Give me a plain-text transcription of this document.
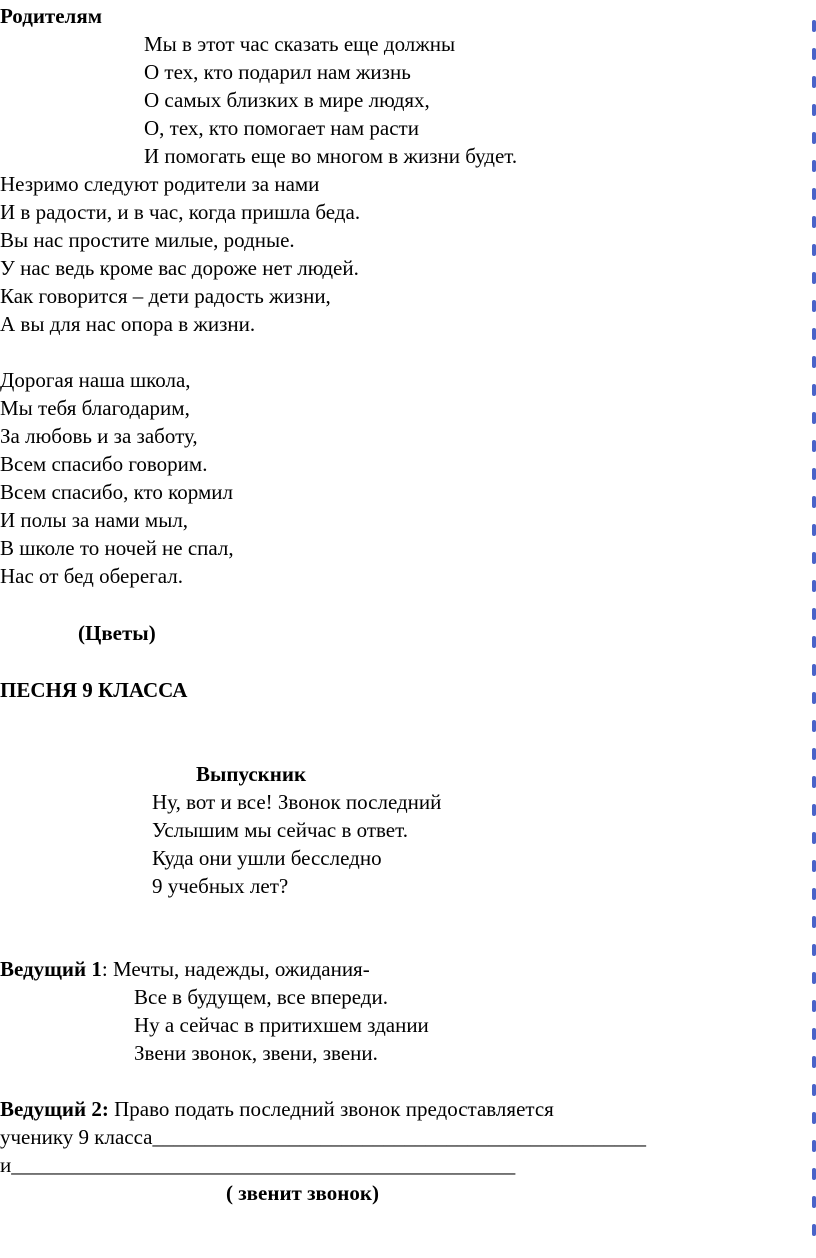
Родителям
Мы в этот час сказать еще должны
О тех, кто подарил нам жизнь
О самых близких в мире людях,
О, тех, кто помогает нам расти
И помогать еще во многом в жизни будет.
Незримо следуют родители за нами
И в радости, и в час, когда пришла беда.
Вы нас простите милые, родные.
У нас ведь кроме вас дороже нет людей.
Как говорится – дети радость жизни,
А вы для нас опора в жизни.
Дорогая наша школа,
Мы тебя благодарим,
За любовь и за заботу,
Всем спасибо говорим.
Всем спасибо, кто кормил
И полы за нами мыл,
В школе то ночей не спал,
Нас от бед оберегал.
(Цветы)
ПЕСНЯ 9 КЛАССА
Выпускник
Ну, вот и все! Звонок последний
Услышим мы сейчас в ответ.
Куда они ушли бесследно
9 учебных лет?
Ведущий 1: Мечты, надежды, ожидания-
Все в будущем, все впереди.
Ну а сейчас в притихшем здании
Звени звонок, звени, звени.
Ведущий 2: Право подать последний звонок предоставляется
ученику 9 класса_______________________________________________
и________________________________________________
( звенит звонок)
